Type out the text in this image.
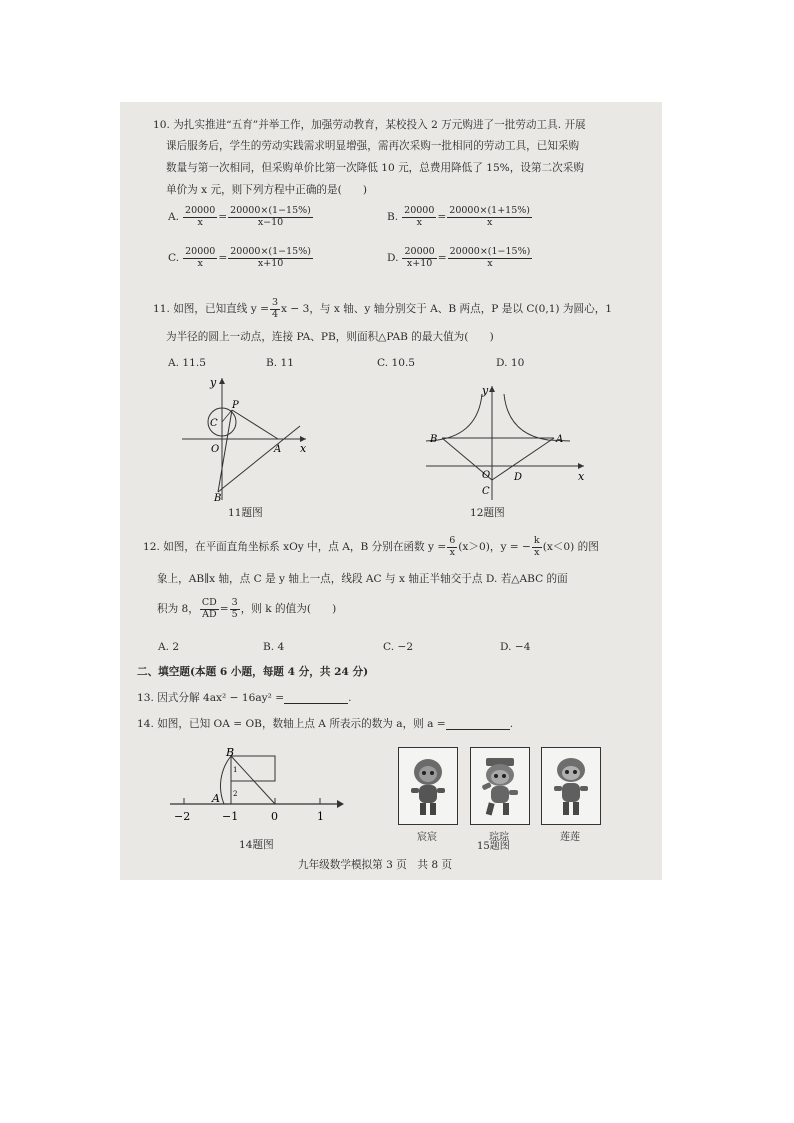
10. 为扎实推进“五育”并举工作，加强劳动教育，某校投入 2 万元购进了一批劳动工具. 开展
课后服务后，学生的劳动实践需求明显增强，需再次采购一批相同的劳动工具，已知采购
数量与第一次相同，但采购单价比第一次降低 10 元，总费用降低了 15%，设第二次采购
单价为 x 元，则下列方程中正确的是(　　)
A. $\frac{20000}{x} = \frac{20000\times(1-15\%)}{x-10}$	B. $\frac{20000}{x} = \frac{20000\times(1+15\%)}{x}$
C. $\frac{20000}{x} = \frac{20000\times(1-15\%)}{x+10}$	D. $\frac{20000}{x+10} = \frac{20000\times(1-15\%)}{x}$
11. 如图，已知直线 $y = \frac{3}{4}$ x − 3，与 x 轴、y 轴分别交于 A、B 两点，P 是以 C(0,1) 为圆心，1
为半径的圆上一动点，连接 PA、PB，则面积△PAB 的最大值为(　　)
A. 11.5	B. 11	C. 10.5	D. 10
y
x
P
C
O	A
B
11题图
y
x
B	A
O D
C
12题图
12. 如图，在平面直角坐标系 xOy 中，点 A，B 分别在函数 $y = \frac{6}{x} (x>0)$，y = − $\frac{k}{x} (x<0)$ 的图
象上，AB∥x 轴，点 C 是 y 轴上一点，线段 AC 与 x 轴正半轴交于点 D. 若△ABC 的面
积为 8， $\frac{CD}{AD} = \frac{3}{5}$ ，则 k 的值为(　　)
A. 2	B. 4	C. −2	D. −4
二、填空题(本题 6 小题，每题 4 分，共 24 分)
13. 因式分解 4ax² − 16ay² =	.
14. 如图，已知 OA = OB，数轴上点 A 所表示的数为 a，则 a =	.
B
A
1
2
−2	−1	0	1
14题图
宸宸	琮琮	莲莲
15题图
九年级数学模拟第 3 页　共 8 页
